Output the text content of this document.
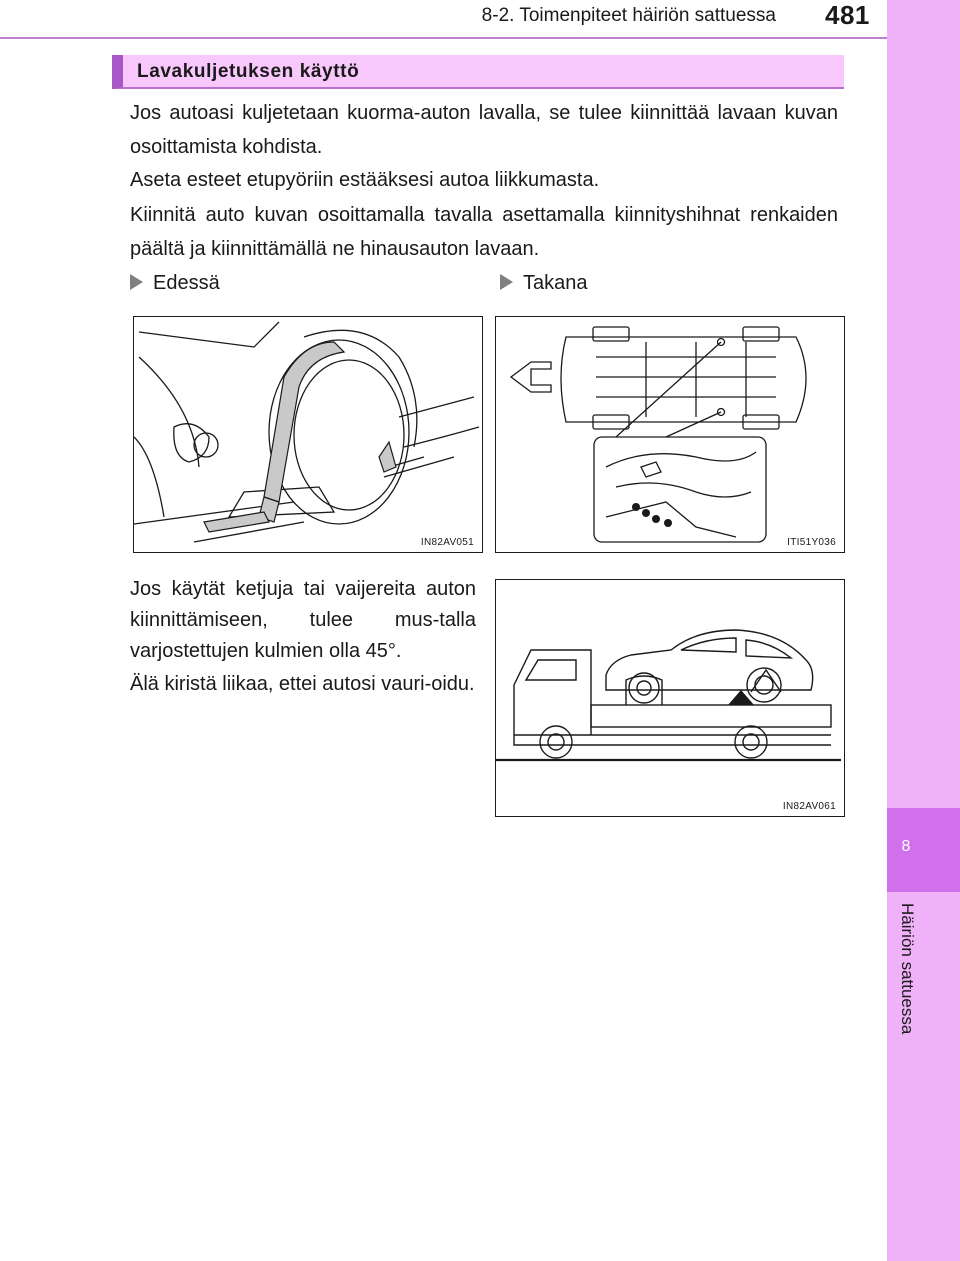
8-2. Toimenpiteet häiriön sattuessa 481
8
Häiriön sattuessa
Lavakuljetuksen käyttö

Jos autoasi kuljetetaan kuorma-auton lavalla, se tulee kiinnittää lavaan kuvan osoittamista kohdista.

Aseta esteet etupyöriin estääksesi autoa liikkumasta.

Kiinnitä auto kuvan osoittamalla tavalla asettamalla kiinnityshihnat renkaiden päältä ja kiinnittämällä ne hinausauton lavaan.

Edessä	Takana
IN82AV051	ITI51Y036

Jos käytät ketjuja tai vaijereita auton kiinnittämiseen, tulee mus-talla varjostettujen kulmien olla 45°.

Älä kiristä liikaa, ettei autosi vauri-oidu.

IN82AV061
